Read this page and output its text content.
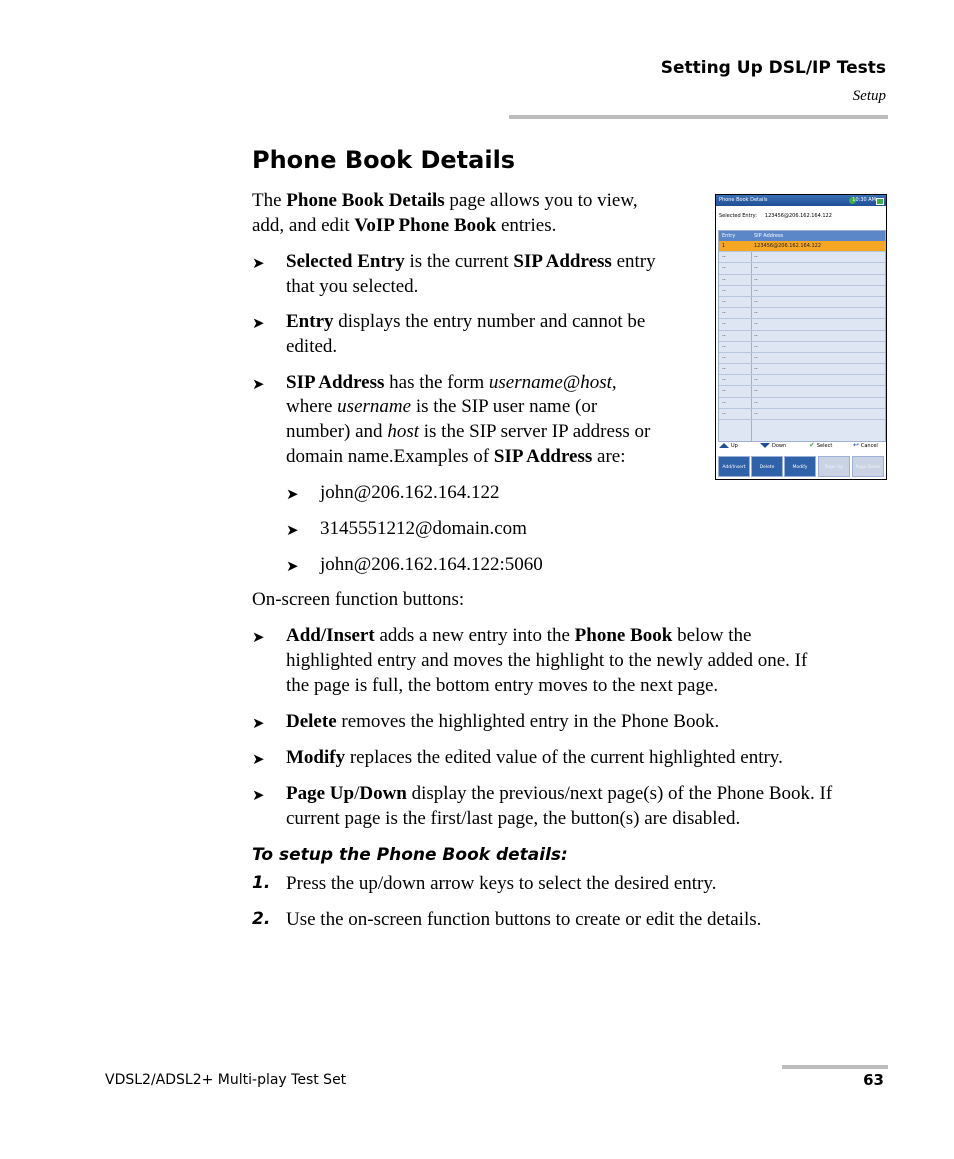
Setting Up DSL/IP Tests
Setup
Phone Book Details
The Phone Book Details page allows you to view,
add, and edit VoIP Phone Book entries.
➤ Selected Entry is the current SIP Address entry
that you selected.
➤ Entry displays the entry number and cannot be
edited.
➤ SIP Address has the form username@host,
where username is the SIP user name (or
number) and host is the SIP server IP address or
domain name.Examples of SIP Address are:
➤ john@206.162.164.122
➤ 3145551212@domain.com
➤ john@206.162.164.122:5060
On-screen function buttons:
➤ Add/Insert adds a new entry into the Phone Book below the
highlighted entry and moves the highlight to the newly added one. If
the page is full, the bottom entry moves to the next page.
➤ Delete removes the highlighted entry in the Phone Book.
➤ Modify replaces the edited value of the current highlighted entry.
➤ Page Up/Down display the previous/next page(s) of the Phone Book. If
current page is the first/last page, the button(s) are disabled.
To setup the Phone Book details:
1. Press the up/down arrow keys to select the desired entry.
2. Use the on-screen function buttons to create or edit the details.
Phone Book Details	10:30 AM
Selected Entry: 123456@206.162.164.122
Entry	SIP Address
1	123456@206.162.164.122
--	--
--	--
--	--
--	--
--	--
--	--
--	--
--	--
--	--
--	--
--	--
--	--
--	--
--	--
--	--
Up	Down	✔ Select	↩ Cancel
Add/Insert	Delete	Modify	Page Up	Page Down
VDSL2/ADSL2+ Multi-play Test Set	63
